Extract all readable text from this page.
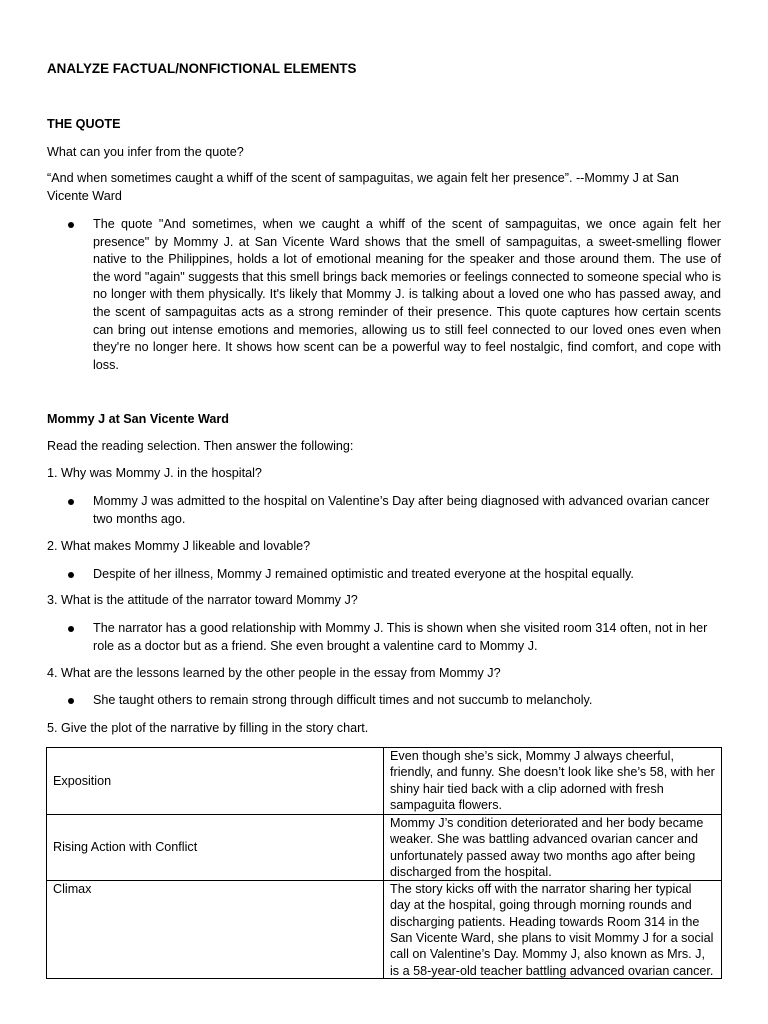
ANALYZE FACTUAL/NONFICTIONAL ELEMENTS

THE QUOTE

What can you infer from the quote?

“And when sometimes caught a whiff of the scent of sampaguitas, we again felt her presence”. --Mommy J at San Vicente Ward

The quote "And sometimes, when we caught a whiff of the scent of sampaguitas, we once again felt her presence" by Mommy J. at San Vicente Ward shows that the smell of sampaguitas, a sweet-smelling flower native to the Philippines, holds a lot of emotional meaning for the speaker and those around them. The use of the word "again" suggests that this smell brings back memories or feelings connected to someone special who is no longer with them physically. It's likely that Mommy J. is talking about a loved one who has passed away, and the scent of sampaguitas acts as a strong reminder of their presence. This quote captures how certain scents can bring out intense emotions and memories, allowing us to still feel connected to our loved ones even when they're no longer here. It shows how scent can be a powerful way to feel nostalgic, find comfort, and cope with loss.

Mommy J at San Vicente Ward

Read the reading selection. Then answer the following:

1. Why was Mommy J. in the hospital?

Mommy J was admitted to the hospital on Valentine’s Day after being diagnosed with advanced ovarian cancer two months ago.

2. What makes Mommy J likeable and lovable?

Despite of her illness, Mommy J remained optimistic and treated everyone at the hospital equally.

3. What is the attitude of the narrator toward Mommy J?

The narrator has a good relationship with Mommy J. This is shown when she visited room 314 often, not in her role as a doctor but as a friend. She even brought a valentine card to Mommy J.

4. What are the lessons learned by the other people in the essay from Mommy J?

She taught others to remain strong through difficult times and not succumb to melancholy.

5. Give the plot of the narrative by filling in the story chart.

Exposition	Even though she’s sick, Mommy J always cheerful, friendly, and funny. She doesn’t look like she’s 58, with her shiny hair tied back with a clip adorned with fresh sampaguita flowers.
Rising Action with Conflict	Mommy J’s condition deteriorated and her body became weaker. She was battling advanced ovarian cancer and unfortunately passed away two months ago after being discharged from the hospital.
Climax	The story kicks off with the narrator sharing her typical day at the hospital, going through morning rounds and discharging patients. Heading towards Room 314 in the San Vicente Ward, she plans to visit Mommy J for a social call on Valentine’s Day. Mommy J, also known as Mrs. J, is a 58-year-old teacher battling advanced ovarian cancer.
